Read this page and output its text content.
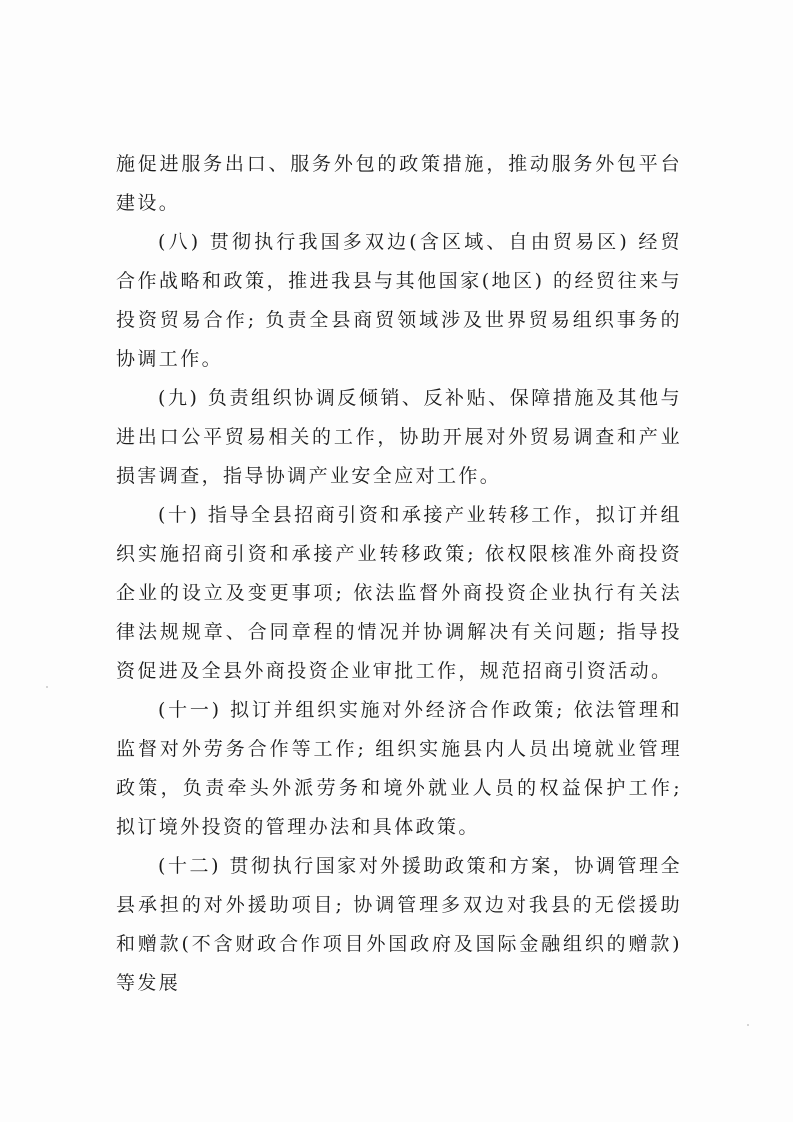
施促进服务出口、服务外包的政策措施，推动服务外包平台建设。

(八) 贯彻执行我国多双边(含区域、自由贸易区) 经贸合作战略和政策，推进我县与其他国家(地区) 的经贸往来与投资贸易合作; 负责全县商贸领域涉及世界贸易组织事务的协调工作。

(九) 负责组织协调反倾销、反补贴、保障措施及其他与进出口公平贸易相关的工作，协助开展对外贸易调查和产业损害调查，指导协调产业安全应对工作。

(十) 指导全县招商引资和承接产业转移工作，拟订并组织实施招商引资和承接产业转移政策; 依权限核准外商投资企业的设立及变更事项; 依法监督外商投资企业执行有关法律法规规章、合同章程的情况并协调解决有关问题; 指导投资促进及全县外商投资企业审批工作，规范招商引资活动。

(十一) 拟订并组织实施对外经济合作政策; 依法管理和监督对外劳务合作等工作; 组织实施县内人员出境就业管理政策，负责牵头外派劳务和境外就业人员的权益保护工作; 拟订境外投资的管理办法和具体政策。

(十二) 贯彻执行国家对外援助政策和方案，协调管理全县承担的对外援助项目; 协调管理多双边对我县的无偿援助和赠款(不含财政合作项目外国政府及国际金融组织的赠款) 等发展
